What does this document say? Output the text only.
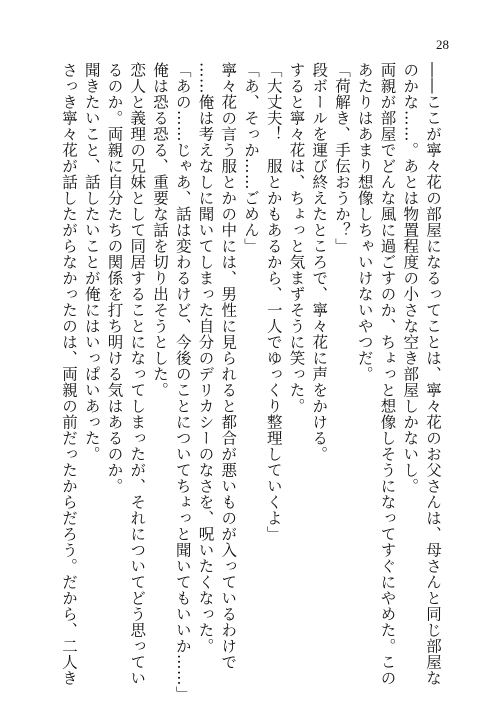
28
――ここが寧々花の部屋になるってことは、寧々花のお父さんは、母さんと同じ部屋な
のかな……。あとは物置程度の小さな空き部屋しかないし。
両親が部屋でどんな風に過ごすのか、ちょっと想像しそうになってすぐにやめた。この
あたりはあまり想像しちゃいけないやつだ。
「荷解き、手伝おうか？」
段ボールを運び終えたところで、寧々花に声をかける。
すると寧々花は、ちょっと気まずそうに笑った。
「大丈夫！　服とかもあるから、一人でゆっくり整理していくよ」
「あ、そっか……ごめん」
寧々花の言う服とかの中には、男性に見られると都合が悪いものが入っているわけで
……俺は考えなしに聞いてしまった自分のデリカシーのなさを、呪いたくなった。
「あの……じゃあ、話は変わるけど、今後のことについてちょっと聞いてもいいか……」
俺は恐る恐る、重要な話を切り出そうとした。
恋人と義理の兄妹として同居することになってしまったが、それについてどう思ってい
るのか。両親に自分たちの関係を打ち明ける気はあるのか。
聞きたいこと、話したいことが俺にはいっぱいあった。
さっき寧々花が話したがらなかったのは、両親の前だったからだろう。だから、二人き
